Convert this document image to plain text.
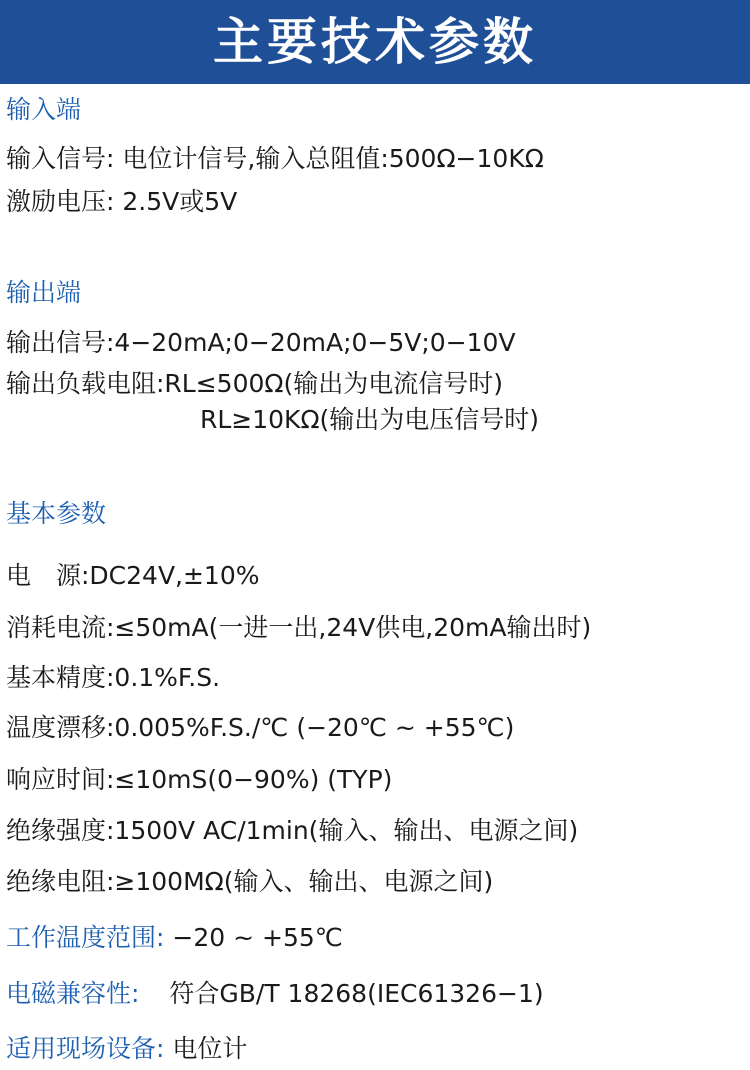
主要技术参数
输入端
输入信号: 电位计信号,输入总阻值:500Ω−10KΩ
激励电压: 2.5V或5V
输出端
输出信号:4−20mA;0−20mA;0−5V;0−10V
输出负载电阻:RL≤500Ω(输出为电流信号时)
RL≥10KΩ(输出为电压信号时)
基本参数
电　源:DC24V,±10%
消耗电流:≤50mA(一进一出,24V供电,20mA输出时)
基本精度:0.1%F.S.
温度漂移:0.005%F.S./℃ (−20℃ ~ +55℃)
响应时间:≤10mS(0−90%) (TYP)
绝缘强度:1500V AC/1min(输入、输出、电源之间)
绝缘电阻:≥100MΩ(输入、输出、电源之间)
工作温度范围: −20 ~ +55℃
电磁兼容性: 符合GB/T 18268(IEC61326−1)
适用现场设备: 电位计
